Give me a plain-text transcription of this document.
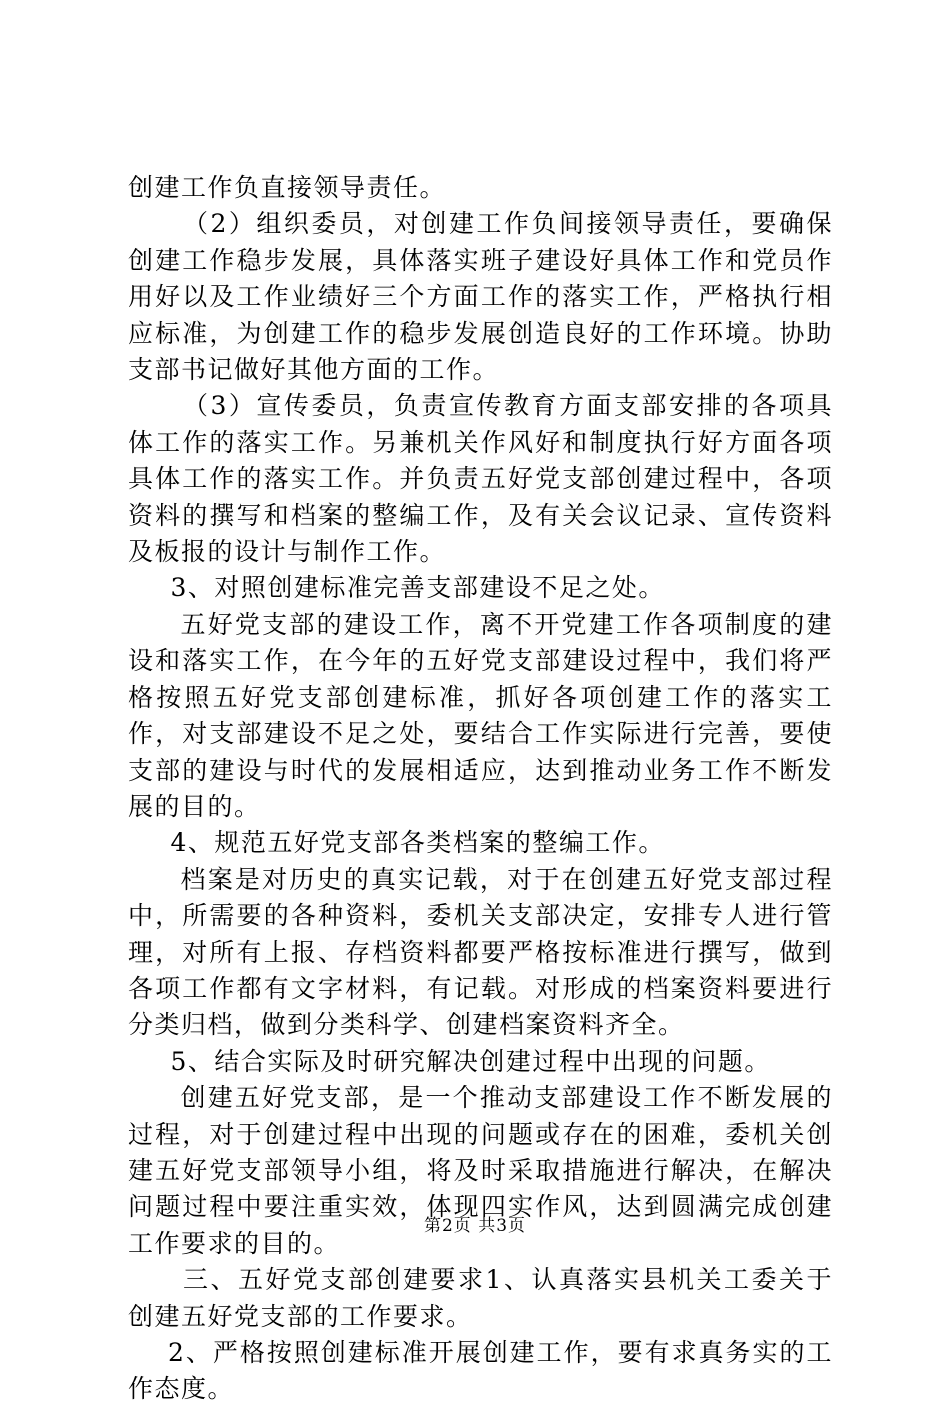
创建工作负直接领导责任。

（2）组织委员，对创建工作负间接领导责任，要确保创建工作稳步发展，具体落实班子建设好具体工作和党员作用好以及工作业绩好三个方面工作的落实工作，严格执行相应标准，为创建工作的稳步发展创造良好的工作环境。协助支部书记做好其他方面的工作。

（3）宣传委员，负责宣传教育方面支部安排的各项具体工作的落实工作。另兼机关作风好和制度执行好方面各项具体工作的落实工作。并负责五好党支部创建过程中，各项资料的撰写和档案的整编工作，及有关会议记录、宣传资料及板报的设计与制作工作。

3、对照创建标准完善支部建设不足之处。

五好党支部的建设工作，离不开党建工作各项制度的建设和落实工作，在今年的五好党支部建设过程中，我们将严格按照五好党支部创建标准，抓好各项创建工作的落实工作，对支部建设不足之处，要结合工作实际进行完善，要使支部的建设与时代的发展相适应，达到推动业务工作不断发展的目的。

4、规范五好党支部各类档案的整编工作。

档案是对历史的真实记载，对于在创建五好党支部过程中，所需要的各种资料，委机关支部决定，安排专人进行管理，对所有上报、存档资料都要严格按标准进行撰写，做到各项工作都有文字材料，有记载。对形成的档案资料要进行分类归档，做到分类科学、创建档案资料齐全。

5、结合实际及时研究解决创建过程中出现的问题。

创建五好党支部，是一个推动支部建设工作不断发展的过程，对于创建过程中出现的问题或存在的困难，委机关创建五好党支部领导小组，将及时采取措施进行解决，在解决问题过程中要注重实效，体现四实作风，达到圆满完成创建工作要求的目的。

三、五好党支部创建要求1、认真落实县机关工委关于创建五好党支部的工作要求。

2、严格按照创建标准开展创建工作，要有求真务实的工作态度。

第2页 共3页
